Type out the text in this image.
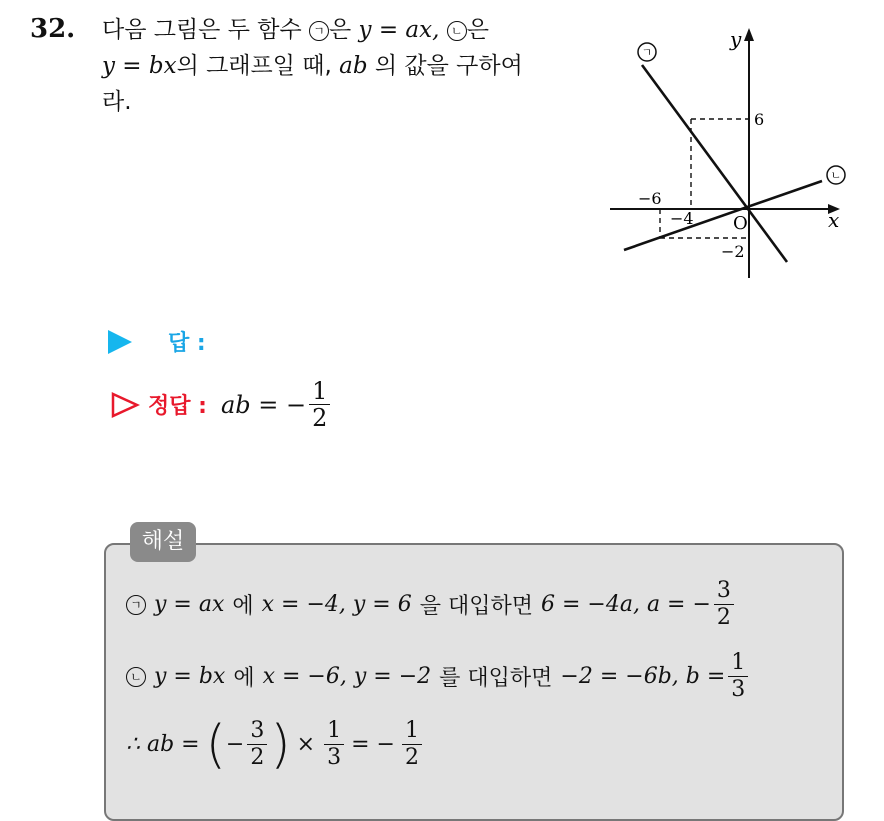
32. 다음 그림은 두 함수 ㄱ 은 y = ax, ㄴ 은
y = bx의 그래프일 때, ab 의 값을 구하여
라.
ㄱ
ㄴ
y
x
O
6
−6
−4
−2
답 :
정답 : ab = − $\frac{1}{2}$
해설
ㄱ y = ax 에 x = −4, y = 6 을 대입하면 6 = −4a, a = − $\frac{3}{2}$
ㄴ y = bx 에 x = −6, y = −2 를 대입하면 −2 = −6b, $b = \frac{1}{3}$
∴ ab = ( − $\frac{3}{2}$ ) × $\frac{1}{3}$ = − $\frac{1}{2}$
